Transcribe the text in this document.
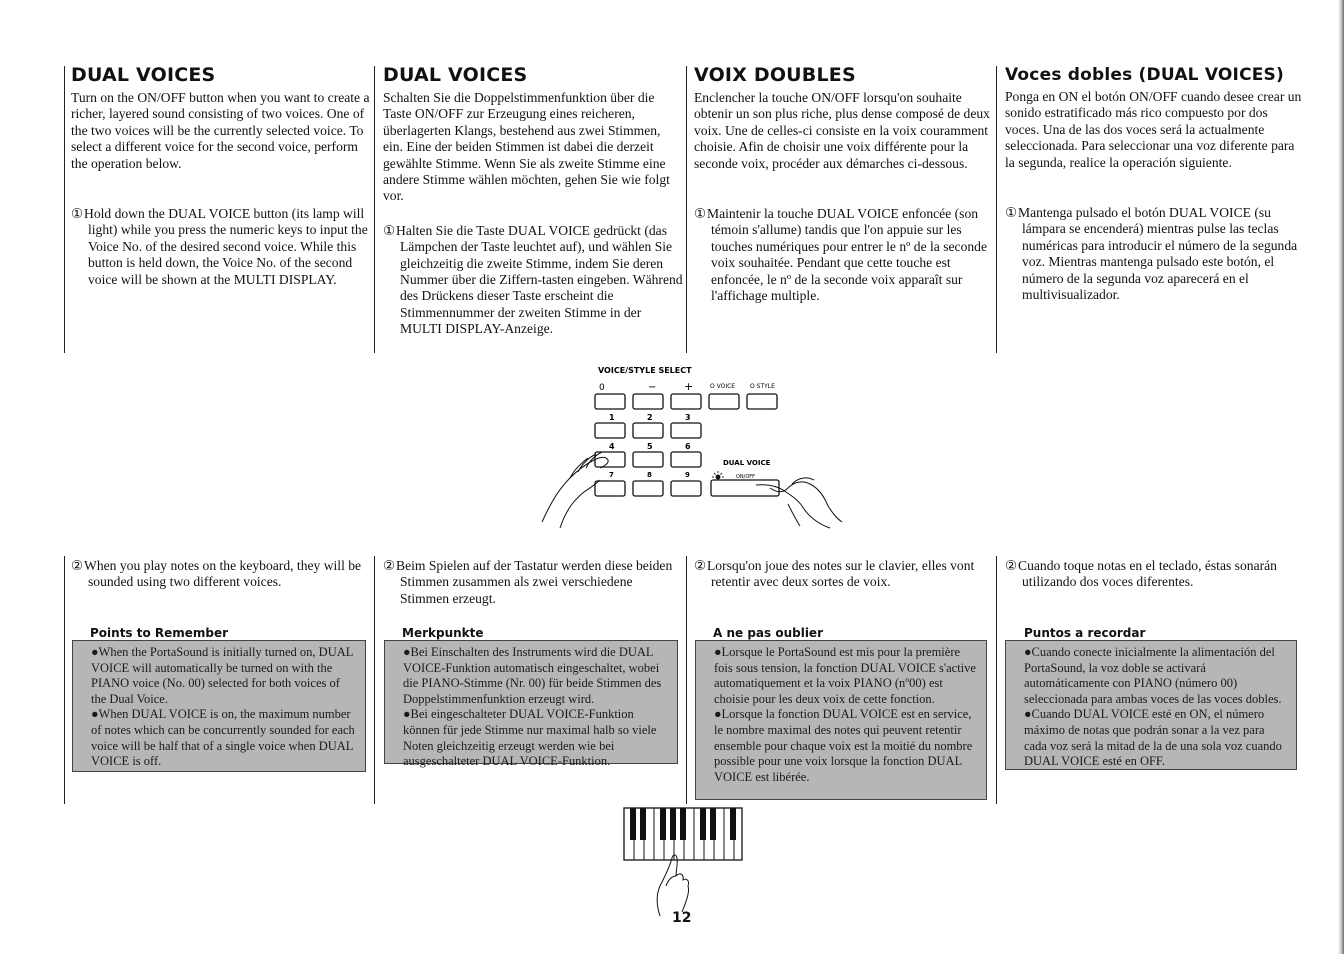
DUAL VOICES

Turn on the ON/OFF button when you want to create a richer, layered sound consisting of two voices. One of the two voices will be the currently selected voice. To select a different voice for the second voice, perform the operation below.

①Hold down the DUAL VOICE button (its lamp will light) while you press the numeric keys to input the Voice No. of the desired second voice. While this button is held down, the Voice No. of the second voice will be shown at the MULTI DISPLAY.

②When you play notes on the keyboard, they will be sounded using two different voices.

Points to Remember

●When the PortaSound is initially turned on, DUAL VOICE will automatically be turned on with the PIANO voice (No. 00) selected for both voices of the Dual Voice.

●When DUAL VOICE is on, the maximum number of notes which can be concurrently sounded for each voice will be half that of a single voice when DUAL VOICE is off.

DUAL VOICES

Schalten Sie die Doppelstimmenfunktion über die Taste ON/OFF zur Erzeugung eines reicheren, überlagerten Klangs, bestehend aus zwei Stimmen, ein. Eine der beiden Stimmen ist dabei die derzeit gewählte Stimme. Wenn Sie als zweite Stimme eine andere Stimme wählen möchten, gehen Sie wie folgt vor.

①Halten Sie die Taste DUAL VOICE gedrückt (das Lämpchen der Taste leuchtet auf), und wählen Sie gleichzeitig die zweite Stimme, indem Sie deren Nummer über die Ziffern-tasten eingeben. Während des Drückens dieser Taste erscheint die Stimmennummer der zweiten Stimme in der MULTI DISPLAY-Anzeige.

②Beim Spielen auf der Tastatur werden diese beiden Stimmen zusammen als zwei verschiedene Stimmen erzeugt.

Merkpunkte

●Bei Einschalten des Instruments wird die DUAL VOICE-Funktion automatisch eingeschaltet, wobei die PIANO-Stimme (Nr. 00) für beide Stimmen des Doppelstimmenfunktion erzeugt wird.

●Bei eingeschalteter DUAL VOICE-Funktion können für jede Stimme nur maximal halb so viele Noten gleichzeitig erzeugt werden wie bei ausgeschalteter DUAL VOICE-Funktion.

VOIX DOUBLES

Enclencher la touche ON/OFF lorsqu'on souhaite obtenir un son plus riche, plus dense composé de deux voix. Une de celles-ci consiste en la voix couramment choisie. Afin de choisir une voix différente pour la seconde voix, procéder aux démarches ci-dessous.

①Maintenir la touche DUAL VOICE enfoncée (son témoin s'allume) tandis que l'on appuie sur les touches numériques pour entrer le nº de la seconde voix souhaitée. Pendant que cette touche est enfoncée, le nº de la seconde voix apparaît sur l'affichage multiple.

②Lorsqu'on joue des notes sur le clavier, elles vont retentir avec deux sortes de voix.

A ne pas oublier

●Lorsque le PortaSound est mis pour la première fois sous tension, la fonction DUAL VOICE s'active automatiquement et la voix PIANO (nº00) est choisie pour les deux voix de cette fonction.

●Lorsque la fonction DUAL VOICE est en service, le nombre maximal des notes qui peuvent retentir ensemble pour chaque voix est la moitié du nombre possible pour une voix lorsque la fonction DUAL VOICE est libérée.

Voces dobles (DUAL VOICES)

Ponga en ON el botón ON/OFF cuando desee crear un sonido estratificado más rico compuesto por dos voces. Una de las dos voces será la actualmente seleccionada. Para seleccionar una voz diferente para la segunda, realice la operación siguiente.

①Mantenga pulsado el botón DUAL VOICE (su lámpara se encenderá) mientras pulse las teclas numéricas para introducir el número de la segunda voz. Mientras mantenga pulsado este botón, el número de la segunda voz aparecerá en el multivisualizador.

②Cuando toque notas en el teclado, éstas sonarán utilizando dos voces diferentes.

Puntos a recordar

●Cuando conecte inicialmente la alimentación del PortaSound, la voz doble se activará automáticamente con PIANO (número 00) seleccionada para ambas voces de las voces dobles.

●Cuando DUAL VOICE esté en ON, el número máximo de notas que podrán sonar a la vez para cada voz será la mitad de la de una sola voz cuando DUAL VOICE esté en OFF.

VOICE/STYLE SELECT
0	−	+	O VOICE O STYLE
1	2	3
4	5	6
DUAL VOICE
7	8	9	ON/OFF
12
